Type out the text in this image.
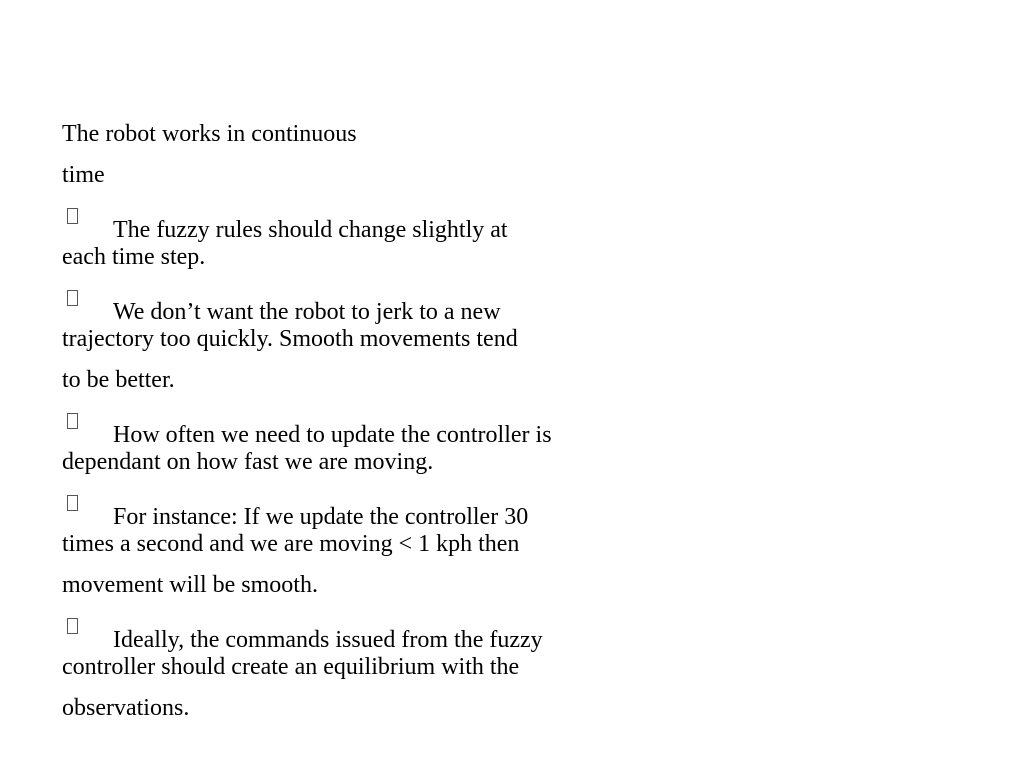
The robot works in continuous
time
The fuzzy rules should change slightly at
each time step.
We don’t want the robot to jerk to a new
trajectory too quickly. Smooth movements tend
to be better.
How often we need to update the controller is
dependant on how fast we are moving.
For instance: If we update the controller 30
times a second and we are moving < 1 kph then
movement will be smooth.
Ideally, the commands issued from the fuzzy
controller should create an equilibrium with the
observations.
